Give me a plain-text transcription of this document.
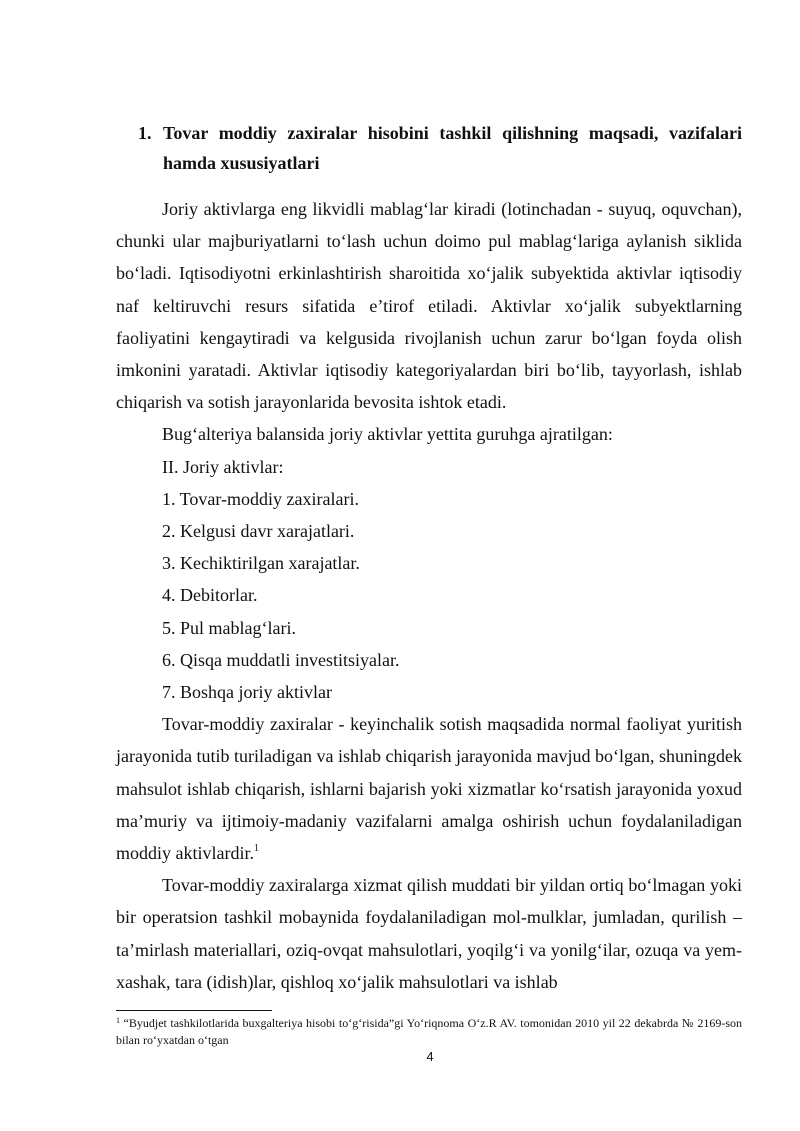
1. Tovar moddiy zaxiralar hisobini tashkil qilishning maqsadi, vazifalari hamda xususiyatlari

Joriy aktivlarga eng likvidli mablag‘lar kiradi (lotinchadan - suyuq, oquvchan), chunki ular majburiyatlarni to‘lash uchun doimo pul mablag‘lariga aylanish siklida bo‘ladi. Iqtisodiyotni erkinlashtirish sharoitida xo‘jalik subyektida aktivlar iqtisodiy naf keltiruvchi resurs sifatida e’tirof etiladi. Aktivlar xo‘jalik subyektlarning faoliyatini kengaytiradi va kelgusida rivojlanish uchun zarur bo‘lgan foyda olish imkonini yaratadi. Aktivlar iqtisodiy kategoriyalardan biri bo‘lib, tayyorlash, ishlab chiqarish va sotish jarayonlarida bevosita ishtok etadi.

Bug‘alteriya balansida joriy aktivlar yettita guruhga ajratilgan:

II. Joriy aktivlar:

1. Tovar-moddiy zaxiralari.

2. Kelgusi davr xarajatlari.

3. Kechiktirilgan xarajatlar.

4. Debitorlar.

5. Pul mablag‘lari.

6. Qisqa muddatli investitsiyalar.

7. Boshqa joriy aktivlar

Tovar-moddiy zaxiralar - keyinchalik sotish maqsadida normal faoliyat yuritish jarayonida tutib turiladigan va ishlab chiqarish jarayonida mavjud bo‘lgan, shuningdek mahsulot ishlab chiqarish, ishlarni bajarish yoki xizmatlar ko‘rsatish jarayonida yoxud ma’muriy va ijtimoiy-madaniy vazifalarni amalga oshirish uchun foydalaniladigan moddiy aktivlardir.$^1$

Tovar-moddiy zaxiralarga xizmat qilish muddati bir yildan ortiq bo‘lmagan yoki bir operatsion tashkil mobaynida foydalaniladigan mol-mulklar, jumladan, qurilish – ta’mirlash materiallari, oziq-ovqat mahsulotlari, yoqilg‘i va yonilg‘ilar, ozuqa va yem-xashak, tara (idish)lar, qishloq xo‘jalik mahsulotlari va ishlab

$^1$ “Byudjet tashkilotlarida buxgalteriya hisobi to‘g‘risida”gi Yo‘riqnoma O‘z.R AV. tomonidan 2010 yil 22 dekabrda № 2169-son bilan ro‘yxatdan o‘tgan
4
